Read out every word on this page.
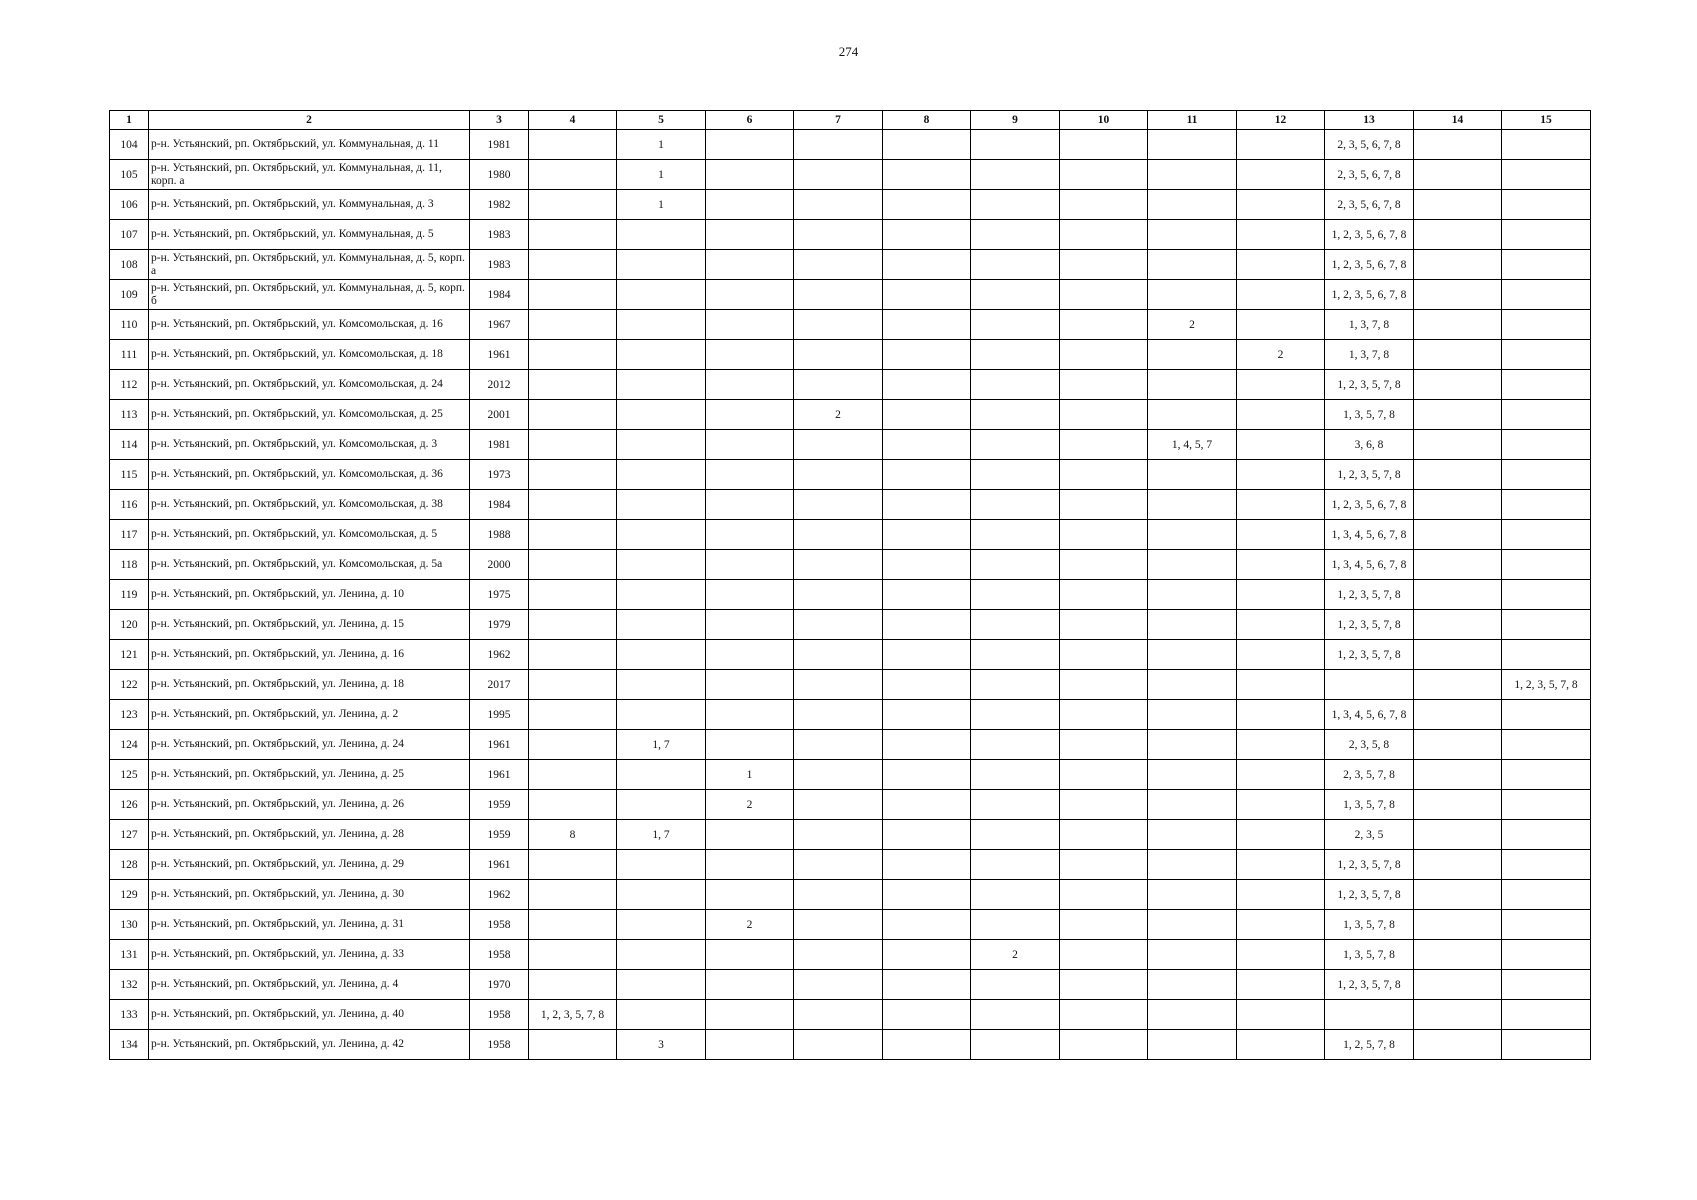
274
1	2	3	4	5	6	7	8	9	10	11	12	13	14	15
104	р-н. Устьянский, рп. Октябрьский, ул. Коммунальная, д. 11	1981		1								2, 3, 5, 6, 7, 8		
105	р-н. Устьянский, рп. Октябрьский, ул. Коммунальная, д. 11, корп. а	1980		1								2, 3, 5, 6, 7, 8		
106	р-н. Устьянский, рп. Октябрьский, ул. Коммунальная, д. 3	1982		1								2, 3, 5, 6, 7, 8		
107	р-н. Устьянский, рп. Октябрьский, ул. Коммунальная, д. 5	1983										1, 2, 3, 5, 6, 7, 8		
108	р-н. Устьянский, рп. Октябрьский, ул. Коммунальная, д. 5, корп. а	1983										1, 2, 3, 5, 6, 7, 8		
109	р-н. Устьянский, рп. Октябрьский, ул. Коммунальная, д. 5, корп. б	1984										1, 2, 3, 5, 6, 7, 8		
110	р-н. Устьянский, рп. Октябрьский, ул. Комсомольская, д. 16	1967								2		1, 3, 7, 8		
111	р-н. Устьянский, рп. Октябрьский, ул. Комсомольская, д. 18	1961									2	1, 3, 7, 8		
112	р-н. Устьянский, рп. Октябрьский, ул. Комсомольская, д. 24	2012										1, 2, 3, 5, 7, 8		
113	р-н. Устьянский, рп. Октябрьский, ул. Комсомольская, д. 25	2001				2						1, 3, 5, 7, 8		
114	р-н. Устьянский, рп. Октябрьский, ул. Комсомольская, д. 3	1981								1, 4, 5, 7		3, 6, 8		
115	р-н. Устьянский, рп. Октябрьский, ул. Комсомольская, д. 36	1973										1, 2, 3, 5, 7, 8		
116	р-н. Устьянский, рп. Октябрьский, ул. Комсомольская, д. 38	1984										1, 2, 3, 5, 6, 7, 8		
117	р-н. Устьянский, рп. Октябрьский, ул. Комсомольская, д. 5	1988										1, 3, 4, 5, 6, 7, 8		
118	р-н. Устьянский, рп. Октябрьский, ул. Комсомольская, д. 5а	2000										1, 3, 4, 5, 6, 7, 8		
119	р-н. Устьянский, рп. Октябрьский, ул. Ленина, д. 10	1975										1, 2, 3, 5, 7, 8		
120	р-н. Устьянский, рп. Октябрьский, ул. Ленина, д. 15	1979										1, 2, 3, 5, 7, 8		
121	р-н. Устьянский, рп. Октябрьский, ул. Ленина, д. 16	1962										1, 2, 3, 5, 7, 8		
122	р-н. Устьянский, рп. Октябрьский, ул. Ленина, д. 18	2017												1, 2, 3, 5, 7, 8
123	р-н. Устьянский, рп. Октябрьский, ул. Ленина, д. 2	1995										1, 3, 4, 5, 6, 7, 8		
124	р-н. Устьянский, рп. Октябрьский, ул. Ленина, д. 24	1961		1, 7								2, 3, 5, 8		
125	р-н. Устьянский, рп. Октябрьский, ул. Ленина, д. 25	1961			1							2, 3, 5, 7, 8		
126	р-н. Устьянский, рп. Октябрьский, ул. Ленина, д. 26	1959			2							1, 3, 5, 7, 8		
127	р-н. Устьянский, рп. Октябрьский, ул. Ленина, д. 28	1959	8	1, 7								2, 3, 5		
128	р-н. Устьянский, рп. Октябрьский, ул. Ленина, д. 29	1961										1, 2, 3, 5, 7, 8		
129	р-н. Устьянский, рп. Октябрьский, ул. Ленина, д. 30	1962										1, 2, 3, 5, 7, 8		
130	р-н. Устьянский, рп. Октябрьский, ул. Ленина, д. 31	1958			2							1, 3, 5, 7, 8		
131	р-н. Устьянский, рп. Октябрьский, ул. Ленина, д. 33	1958						2				1, 3, 5, 7, 8		
132	р-н. Устьянский, рп. Октябрьский, ул. Ленина, д. 4	1970										1, 2, 3, 5, 7, 8		
133	р-н. Устьянский, рп. Октябрьский, ул. Ленина, д. 40	1958	1, 2, 3, 5, 7, 8											
134	р-н. Устьянский, рп. Октябрьский, ул. Ленина, д. 42	1958		3								1, 2, 5, 7, 8		
